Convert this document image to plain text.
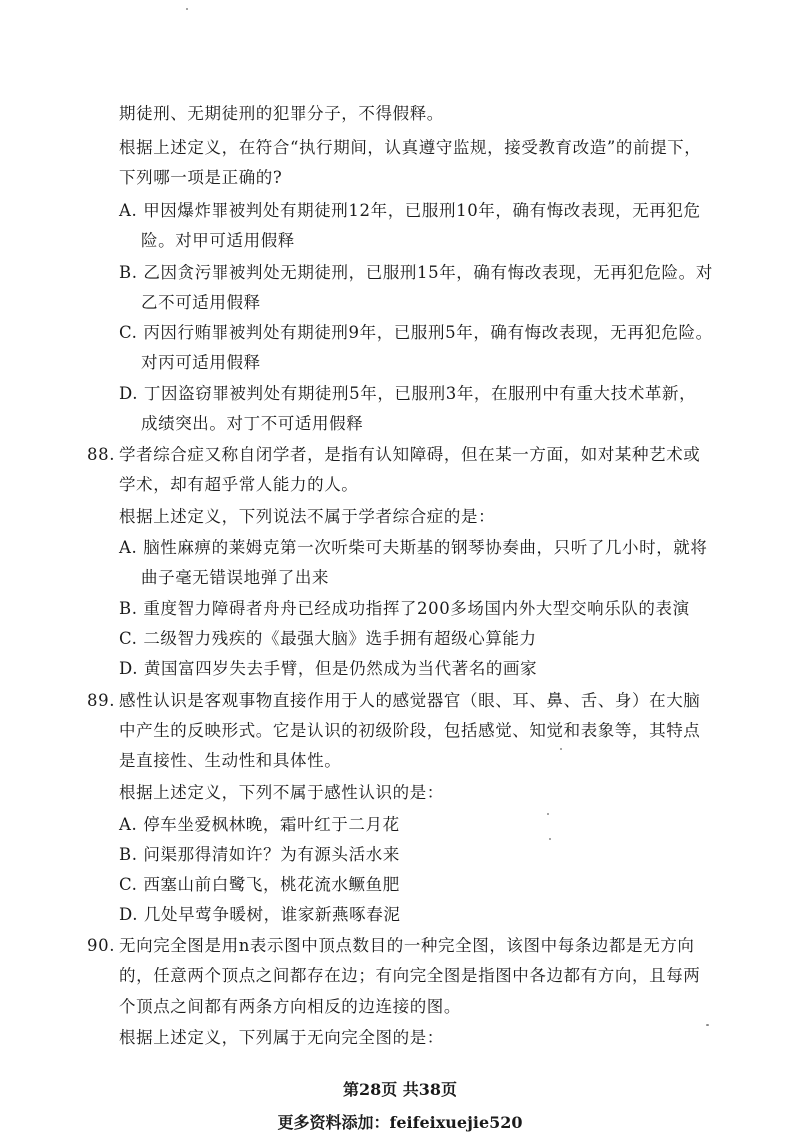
期徒刑、无期徒刑的犯罪分子，不得假释。
根据上述定义，在符合“执行期间，认真遵守监规，接受教育改造”的前提下，
下列哪一项是正确的?
A. 甲因爆炸罪被判处有期徒刑12年，已服刑10年，确有悔改表现，无再犯危
险。对甲可适用假释
B. 乙因贪污罪被判处无期徒刑，已服刑15年，确有悔改表现，无再犯危险。对
乙不可适用假释
C. 丙因行贿罪被判处有期徒刑9年，已服刑5年，确有悔改表现，无再犯危险。
对丙可适用假释
D. 丁因盗窃罪被判处有期徒刑5年，已服刑3年，在服刑中有重大技术革新，
成绩突出。对丁不可适用假释
88. 学者综合症又称自闭学者，是指有认知障碍，但在某一方面，如对某种艺术或
学术，却有超乎常人能力的人。
根据上述定义，下列说法不属于学者综合症的是：
A. 脑性麻痹的莱姆克第一次听柴可夫斯基的钢琴协奏曲，只听了几小时，就将
曲子毫无错误地弹了出来
B. 重度智力障碍者舟舟已经成功指挥了200多场国内外大型交响乐队的表演
C. 二级智力残疾的《最强大脑》选手拥有超级心算能力
D. 黄国富四岁失去手臂，但是仍然成为当代著名的画家
89. 感性认识是客观事物直接作用于人的感觉器官（眼、耳、鼻、舌、身）在大脑
中产生的反映形式。它是认识的初级阶段，包括感觉、知觉和表象等，其特点
是直接性、生动性和具体性。
根据上述定义，下列不属于感性认识的是：
A. 停车坐爱枫林晚，霜叶红于二月花
B. 问渠那得清如许？为有源头活水来
C. 西塞山前白鹭飞，桃花流水鳜鱼肥
D. 几处早莺争暖树，谁家新燕啄春泥
90. 无向完全图是用n表示图中顶点数目的一种完全图，该图中每条边都是无方向
的，任意两个顶点之间都存在边；有向完全图是指图中各边都有方向，且每两
个顶点之间都有两条方向相反的边连接的图。
根据上述定义，下列属于无向完全图的是：
第28页 共38页
更多资料添加：feifeixuejie520
